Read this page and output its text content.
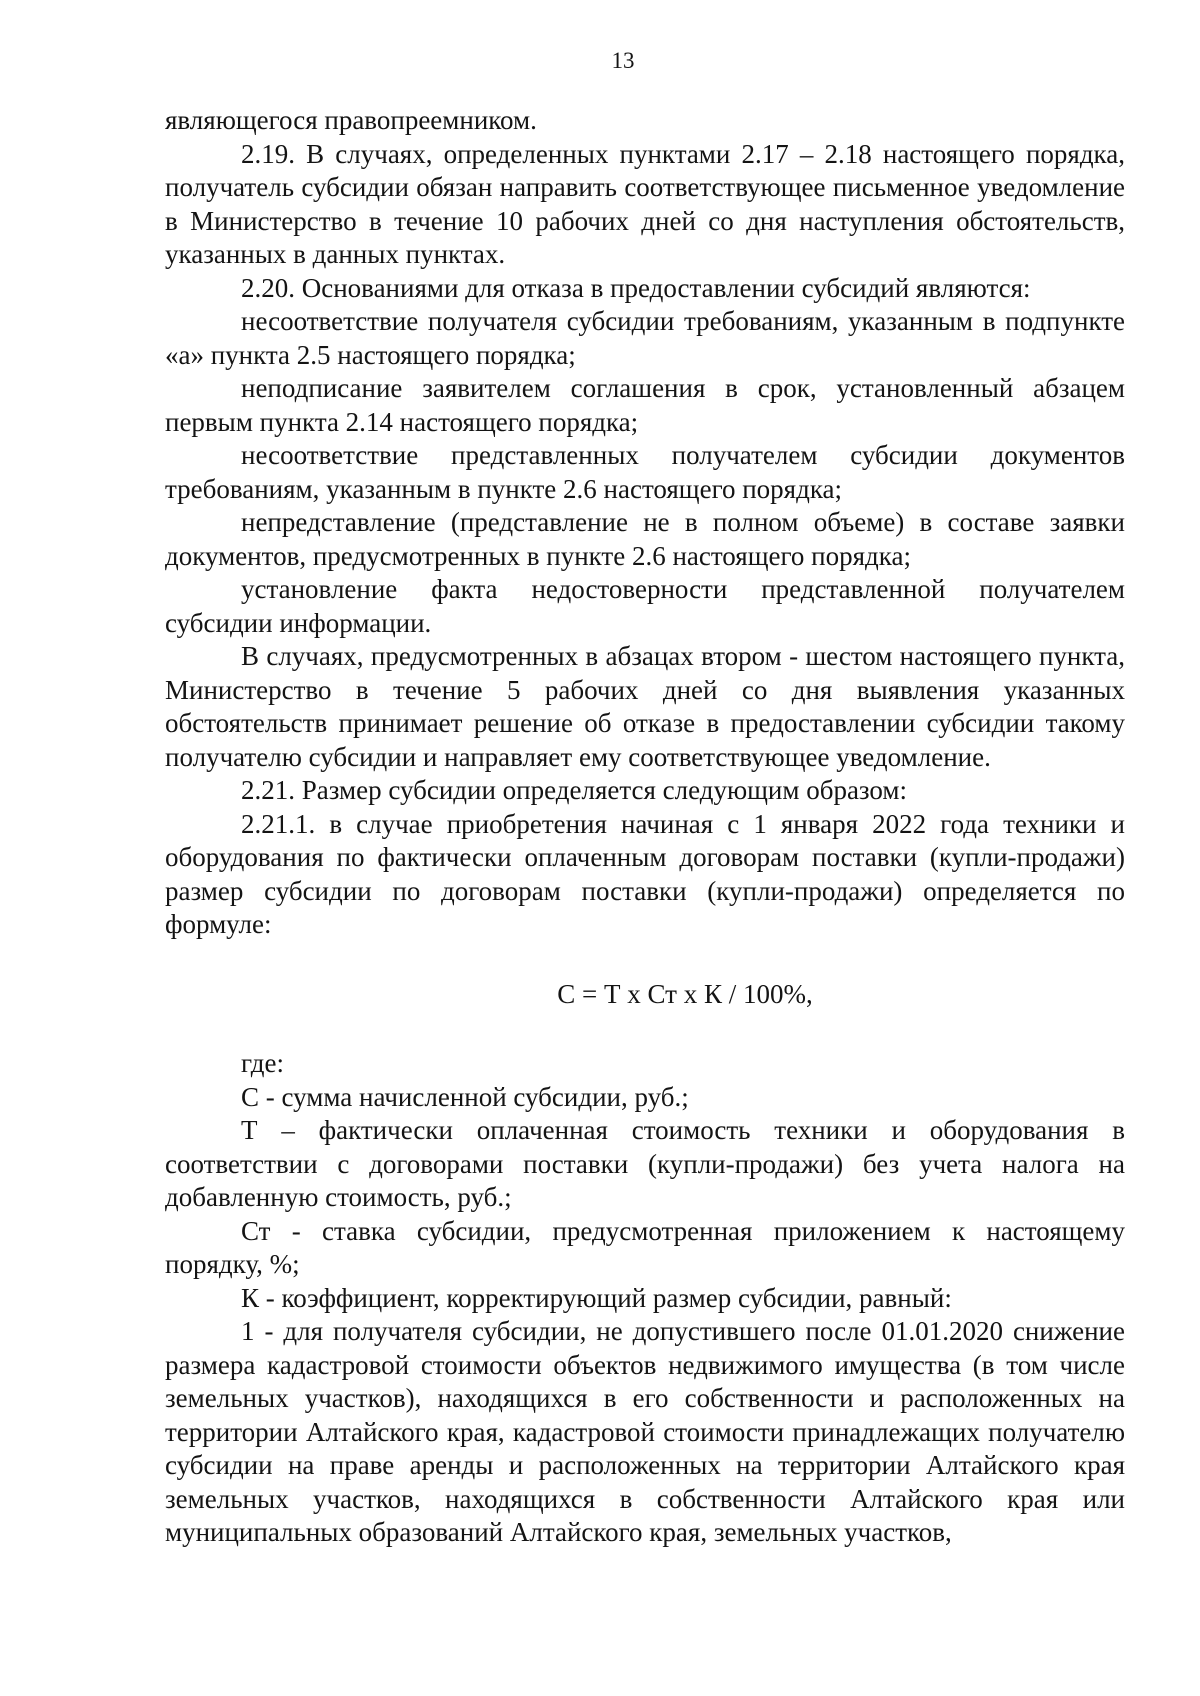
13

являющегося правопреемником.

2.19. В случаях, определенных пунктами 2.17 – 2.18 настоящего порядка, получатель субсидии обязан направить соответствующее письменное уведомление в Министерство в течение 10 рабочих дней со дня наступления обстоятельств, указанных в данных пунктах.

2.20. Основаниями для отказа в предоставлении субсидий являются:

несоответствие получателя субсидии требованиям, указанным в подпункте «а» пункта 2.5 настоящего порядка;

неподписание заявителем соглашения в срок, установленный абзацем первым пункта 2.14 настоящего порядка;

несоответствие представленных получателем субсидии документов требованиям, указанным в пункте 2.6 настоящего порядка;

непредставление (представление не в полном объеме) в составе заявки документов, предусмотренных в пункте 2.6 настоящего порядка;

установление факта недостоверности представленной получателем субсидии информации.

В случаях, предусмотренных в абзацах втором - шестом настоящего пункта, Министерство в течение 5 рабочих дней со дня выявления указанных обстоятельств принимает решение об отказе в предоставлении субсидии такому получателю субсидии и направляет ему соответствующее уведомление.

2.21. Размер субсидии определяется следующим образом:

2.21.1. в случае приобретения начиная с 1 января 2022 года техники и оборудования по фактически оплаченным договорам поставки (купли-продажи) размер субсидии по договорам поставки (купли-продажи) определяется по формуле:

С = Т х Ст х К / 100%,

где:

С - сумма начисленной субсидии, руб.;

Т – фактически оплаченная стоимость техники и оборудования в соответствии с договорами поставки (купли-продажи) без учета налога на добавленную стоимость, руб.;

Ст - ставка субсидии, предусмотренная приложением к настоящему порядку, %;

К - коэффициент, корректирующий размер субсидии, равный:

1 - для получателя субсидии, не допустившего после 01.01.2020 снижение размера кадастровой стоимости объектов недвижимого имущества (в том числе земельных участков), находящихся в его собственности и расположенных на территории Алтайского края, кадастровой стоимости принадлежащих получателю субсидии на праве аренды и расположенных на территории Алтайского края земельных участков, находящихся в собственности Алтайского края или муниципальных образований Алтайского края, земельных участков,
